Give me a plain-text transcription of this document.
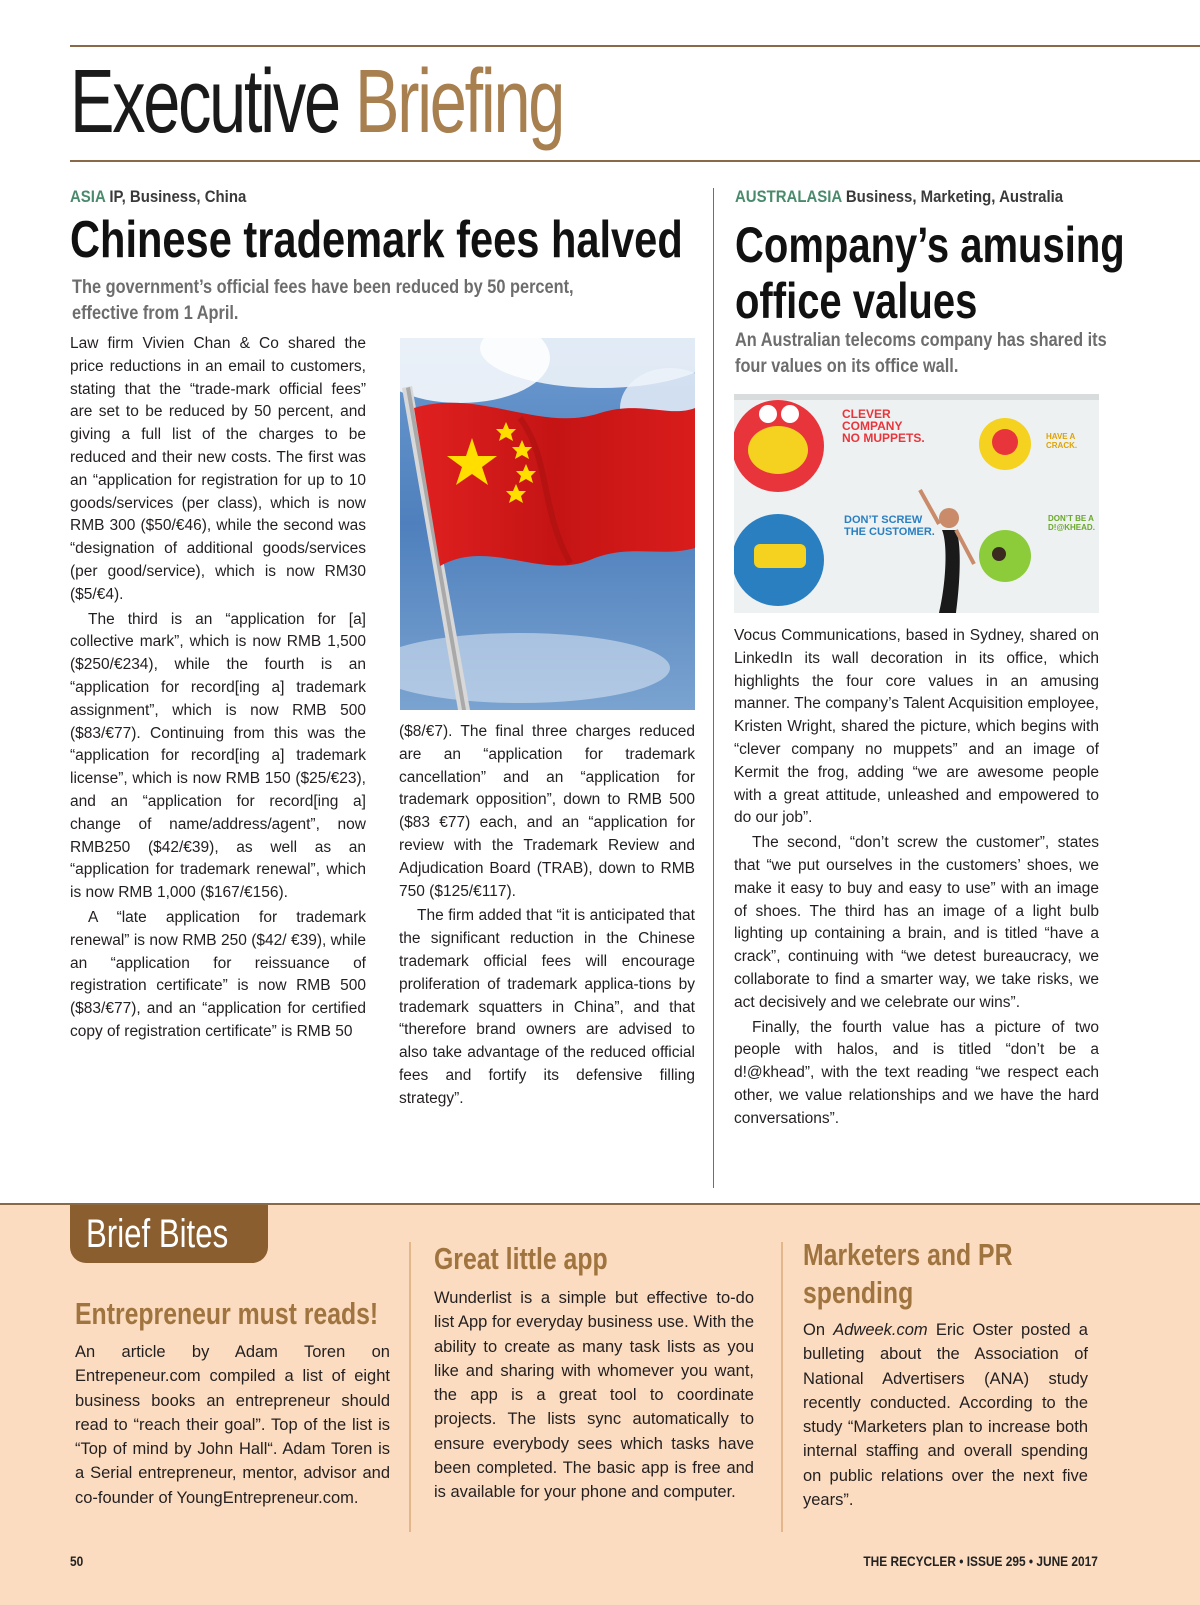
Executive Briefing
ASIA IP, Business, China
Chinese trademark fees halved
The government’s official fees have been reduced by 50 percent,
effective from 1 April.

Law firm Vivien Chan & Co shared the price reductions in an email to customers, stating that the “trade-mark official fees” are set to be reduced by 50 percent, and giving a full list of the charges to be reduced and their new costs. The first was an “application for registration for up to 10 goods/services (per class), which is now RMB 300 ($50/€46), while the second was “designation of additional goods/services (per good/service), which is now RM30 ($5/€4).

The third is an “application for [a] collective mark”, which is now RMB 1,500 ($250/€234), while the fourth is an “application for record[ing a] trademark assignment”, which is now RMB 500 ($83/€77). Continuing from this was the “application for record[ing a] trademark license”, which is now RMB 150 ($25/€23), and an “application for record[ing a] change of name/address/agent”, now RMB250 ($42/€39), as well as an “application for trademark renewal”, which is now RMB 1,000 ($167/€156).

A “late application for trademark renewal” is now RMB 250 ($42/ €39), while an “application for reissuance of registration certificate” is now RMB 500 ($83/€77), and an “application for certified copy of registration certificate” is RMB 50

($8/€7). The final three charges reduced are an “application for trademark cancellation” and an “application for trademark opposition”, down to RMB 500 ($83 €77) each, and an “application for review with the Trademark Review and Adjudication Board (TRAB), down to RMB 750 ($125/€117).

The firm added that “it is anticipated that the significant reduction in the Chinese trademark official fees will encourage proliferation of trademark applica-tions by trademark squatters in China”, and that “therefore brand owners are advised to also take advantage of the reduced official fees and fortify its defensive filling strategy”.

AUSTRALASIA Business, Marketing, Australia
Company’s amusing
office values
An Australian telecoms company has shared its
four values on its office wall.
CLEVER
COMPANY
NO MUPPETS.
DON’T SCREW
THE CUSTOMER.
HAVE A
CRACK.
DON’T BE A
D!@KHEAD.

Vocus Communications, based in Sydney, shared on LinkedIn its wall decoration in its office, which highlights the four core values in an amusing manner. The company’s Talent Acquisition employee, Kristen Wright, shared the picture, which begins with “clever company no muppets” and an image of Kermit the frog, adding “we are awesome people with a great attitude, unleashed and empowered to do our job”.

The second, “don’t screw the customer”, states that “we put ourselves in the customers’ shoes, we make it easy to buy and easy to use” with an image of shoes. The third has an image of a light bulb lighting up containing a brain, and is titled “have a crack”, continuing with “we detest bureaucracy, we collaborate to find a smarter way, we take risks, we act decisively and we celebrate our wins”.

Finally, the fourth value has a picture of two people with halos, and is titled “don’t be a d!@khead”, with the text reading “we respect each other, we value relationships and we have the hard conversations”.

Brief Bites
Entrepreneur must reads!
An article by Adam Toren on Entrepeneur.com compiled a list of eight business books an entrepreneur should read to “reach their goal”. Top of the list is “Top of mind by John Hall“. Adam Toren is a Serial entrepreneur, mentor, advisor and co-founder of YoungEntrepreneur.com.
Great little app
Wunderlist is a simple but effective to-do list App for everyday business use. With the ability to create as many task lists as you like and sharing with whomever you want, the app is a great tool to coordinate projects. The lists sync automatically to ensure everybody sees which tasks have been completed. The basic app is free and is available for your phone and computer.
Marketers and PR
spending
On Adweek.com Eric Oster posted a bulleting about the Association of National Advertisers (ANA) study recently conducted. According to the study “Marketers plan to increase both internal staffing and overall spending on public relations over the next five years”.
50	THE RECYCLER • ISSUE 295 • JUNE 2017
